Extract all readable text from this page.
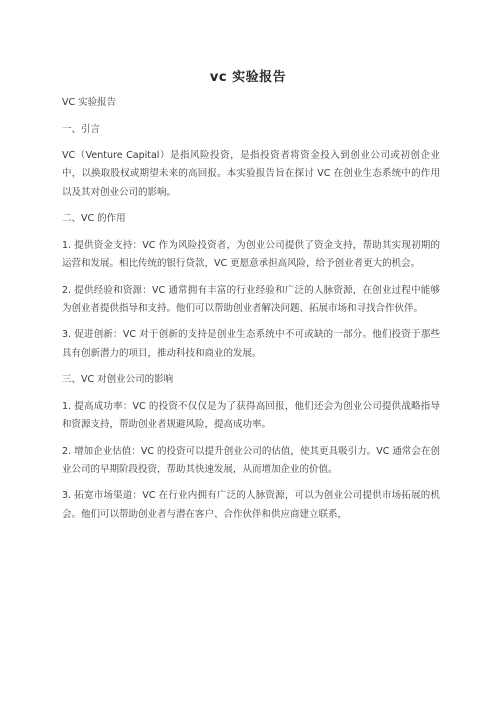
vc 实验报告

VC 实验报告

一、引言

VC（Venture Capital）是指风险投资，是指投资者将资金投入到创业公司或初创企业中，以换取股权或期望未来的高回报。本实验报告旨在探讨 VC 在创业生态系统中的作用以及其对创业公司的影响。

二、VC 的作用

1. 提供资金支持：VC 作为风险投资者，为创业公司提供了资金支持，帮助其实现初期的运营和发展。相比传统的银行贷款，VC 更愿意承担高风险，给予创业者更大的机会。

2. 提供经验和资源：VC 通常拥有丰富的行业经验和广泛的人脉资源，在创业过程中能够为创业者提供指导和支持。他们可以帮助创业者解决问题、拓展市场和寻找合作伙伴。

3. 促进创新：VC 对于创新的支持是创业生态系统中不可或缺的一部分。他们投资于那些具有创新潜力的项目，推动科技和商业的发展。

三、VC 对创业公司的影响

1. 提高成功率：VC 的投资不仅仅是为了获得高回报，他们还会为创业公司提供战略指导和资源支持，帮助创业者规避风险，提高成功率。

2. 增加企业估值：VC 的投资可以提升创业公司的估值，使其更具吸引力。VC 通常会在创业公司的早期阶段投资，帮助其快速发展，从而增加企业的价值。

3. 拓宽市场渠道：VC 在行业内拥有广泛的人脉资源，可以为创业公司提供市场拓展的机会。他们可以帮助创业者与潜在客户、合作伙伴和供应商建立联系，
